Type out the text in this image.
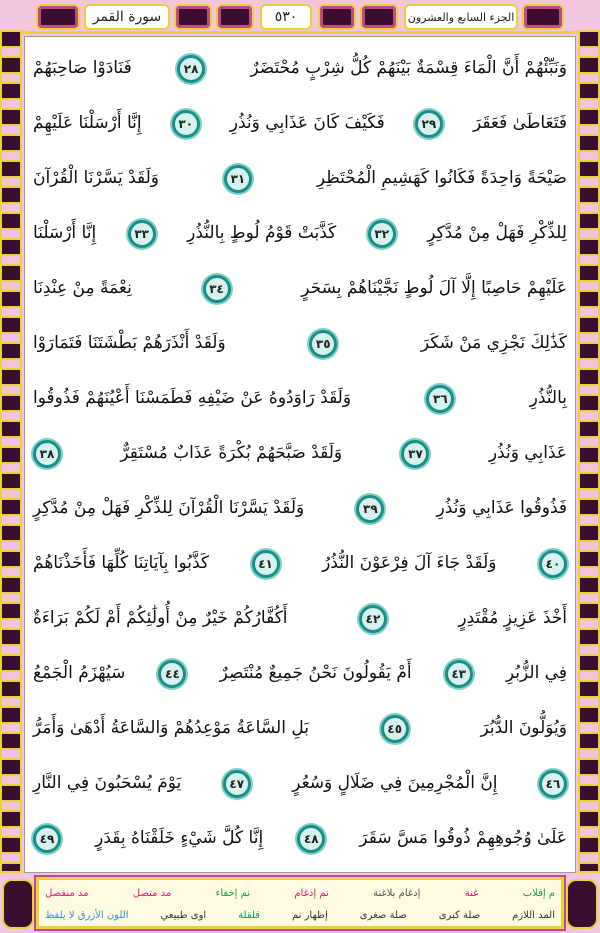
سورة القمر	٥٣٠	الجزء السابع والعشرون
وَنَبِّئْهُمْ أَنَّ الْمَاءَ قِسْمَةٌ بَيْنَهُمْ كُلُّ شِرْبٍ مُحْتَضَرٌ
٢٨
فَنَادَوْا صَاحِبَهُمْ
فَتَعَاطَىٰ فَعَقَرَ
٢٩
فَكَيْفَ كَانَ عَذَابِي وَنُذُرِ
٣٠
إِنَّا أَرْسَلْنَا عَلَيْهِمْ
صَيْحَةً وَاحِدَةً فَكَانُوا كَهَشِيمِ الْمُحْتَظِرِ
٣١
وَلَقَدْ يَسَّرْنَا الْقُرْآنَ
لِلذِّكْرِ فَهَلْ مِنْ مُدَّكِرٍ
٣٢
كَذَّبَتْ قَوْمُ لُوطٍ بِالنُّذُرِ
٣٣
إِنَّا أَرْسَلْنَا
عَلَيْهِمْ حَاصِبًا إِلَّا آلَ لُوطٍ نَجَّيْنَاهُمْ بِسَحَرٍ
٣٤
نِعْمَةً مِنْ عِنْدِنَا
كَذَٰلِكَ نَجْزِي مَنْ شَكَرَ
٣٥
وَلَقَدْ أَنْذَرَهُمْ بَطْشَتَنَا فَتَمَارَوْا
بِالنُّذُرِ
٣٦
وَلَقَدْ رَاوَدُوهُ عَنْ ضَيْفِهِ فَطَمَسْنَا أَعْيُنَهُمْ فَذُوقُوا
عَذَابِي وَنُذُرِ
٣٧
وَلَقَدْ صَبَّحَهُمْ بُكْرَةً عَذَابٌ مُسْتَقِرٌّ
٣٨
فَذُوقُوا عَذَابِي وَنُذُرِ
٣٩
وَلَقَدْ يَسَّرْنَا الْقُرْآنَ لِلذِّكْرِ فَهَلْ مِنْ مُدَّكِرٍ
٤٠
وَلَقَدْ جَاءَ آلَ فِرْعَوْنَ النُّذُرُ
٤١
كَذَّبُوا بِآيَاتِنَا كُلِّهَا فَأَخَذْنَاهُمْ
أَخْذَ عَزِيزٍ مُقْتَدِرٍ
٤٢
أَكُفَّارُكُمْ خَيْرٌ مِنْ أُولَٰئِكُمْ أَمْ لَكُمْ بَرَاءَةٌ
فِي الزُّبُرِ
٤٣
أَمْ يَقُولُونَ نَحْنُ جَمِيعٌ مُنْتَصِرٌ
٤٤
سَيُهْزَمُ الْجَمْعُ
وَيُوَلُّونَ الدُّبُرَ
٤٥
بَلِ السَّاعَةُ مَوْعِدُهُمْ وَالسَّاعَةُ أَدْهَىٰ وَأَمَرُّ
٤٦
إِنَّ الْمُجْرِمِينَ فِي ضَلَالٍ وَسُعُرٍ
٤٧
يَوْمَ يُسْحَبُونَ فِي النَّارِ
عَلَىٰ وُجُوهِهِمْ ذُوقُوا مَسَّ سَقَرَ
٤٨
إِنَّا كُلَّ شَيْءٍ خَلَقْنَاهُ بِقَدَرٍ
٤٩
م إقلاب
غنة
إدغام بلاغنة
نم إدغام
نم إخفاء
مد متصل
مد منفصل
المد اللازم
صلة كبرى
صلة صغرى
إظهار نم
قلقلة
اوى طبيعي
اللون الأزرق لا يلفظ
